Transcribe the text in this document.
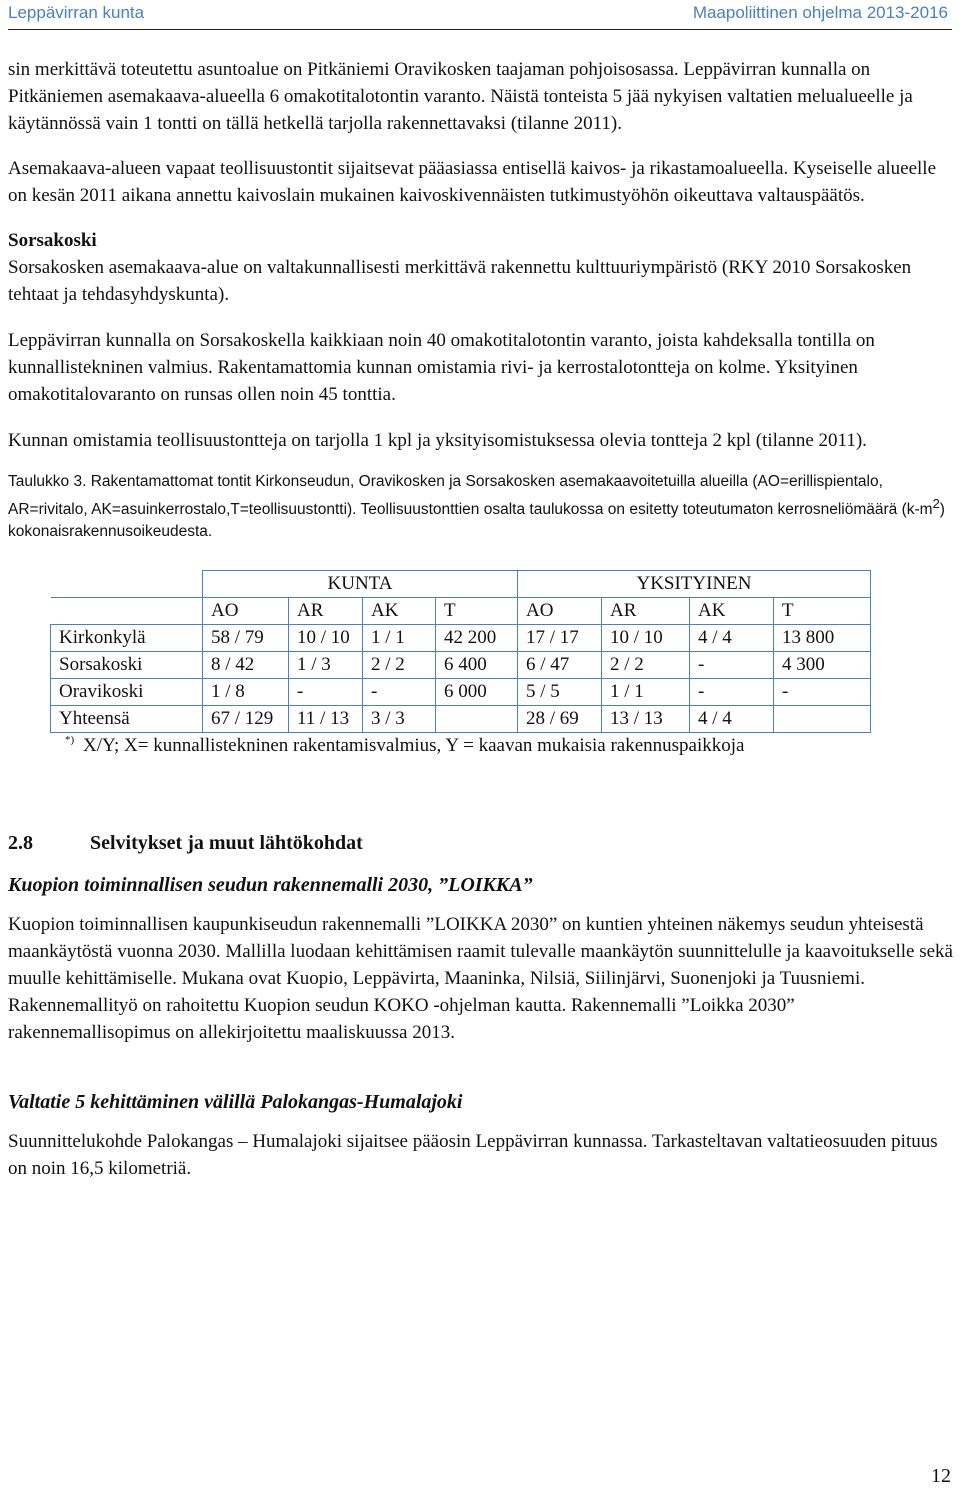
Leppävirran kunta	Maapoliittinen ohjelma 2013-2016

sin merkittävä toteutettu asuntoalue on Pitkäniemi Oravikosken taajaman pohjoisosassa. Leppävirran kunnalla on Pitkäniemen asemakaava-alueella 6 omakotitalotontin varanto. Näistä tonteista 5 jää nykyisen valtatien melualueelle ja käytännössä vain 1 tontti on tällä hetkellä tarjolla rakennettavaksi (tilanne 2011).

Asemakaava-alueen vapaat teollisuustontit sijaitsevat pääasiassa entisellä kaivos- ja rikastamoalueella. Kyseiselle alueelle on kesän 2011 aikana annettu kaivoslain mukainen kaivoskivennäisten tutkimustyöhön oikeuttava valtauspäätös.

Sorsakoski

Sorsakosken asemakaava-alue on valtakunnallisesti merkittävä rakennettu kulttuuriympäristö (RKY 2010 Sorsakosken tehtaat ja tehdasyhdyskunta).

Leppävirran kunnalla on Sorsakoskella kaikkiaan noin 40 omakotitalotontin varanto, joista kahdeksalla tontilla on kunnallistekninen valmius. Rakentamattomia kunnan omistamia rivi- ja kerrostalotontteja on kolme. Yksityinen omakotitalovaranto on runsas ollen noin 45 tonttia.

Kunnan omistamia teollisuustontteja on tarjolla 1 kpl ja yksityisomistuksessa olevia tontteja 2 kpl (tilanne 2011).

Taulukko 3. Rakentamattomat tontit Kirkonseudun, Oravikosken ja Sorsakosken asemakaavoitetuilla alueilla (AO=erillispientalo, AR=rivitalo, AK=asuinkerrostalo,T=teollisuustontti). Teollisuustonttien osalta taulukossa on esitetty toteutumaton kerrosneliömäärä $(k-m^2)$ kokonaisrakennusoikeudesta.
	KUNTA				YKSITYINEN			
	AO	AR	AK	T	AO	AR	AK	T
Kirkonkylä	58 / 79	10 / 10	1 / 1	42 200	17 / 17	10 / 10	4 / 4	13 800
Sorsakoski	8 / 42	1 / 3	2 / 2	6 400	6 / 47	2 / 2	-	4 300
Oravikoski	1 / 8	-	-	6 000	5 / 5	1 / 1	-	-
Yhteensä	67 / 129	11 / 13	3 / 3		28 / 69	13 / 13	4 / 4	
*) X/Y; X= kunnallistekninen rakentamisvalmius, Y = kaavan mukaisia rakennuspaikkoja
2.8	Selvitykset ja muut lähtökohdat
Kuopion toiminnallisen seudun rakennemalli 2030, ”LOIKKA”

Kuopion toiminnallisen kaupunkiseudun rakennemalli ”LOIKKA 2030” on kuntien yhteinen näkemys seudun yhteisestä maankäytöstä vuonna 2030. Mallilla luodaan kehittämisen raamit tulevalle maankäytön suunnittelulle ja kaavoitukselle sekä muulle kehittämiselle. Mukana ovat Kuopio, Leppävirta, Maaninka, Nilsiä, Siilinjärvi, Suonenjoki ja Tuusniemi. Rakennemallityö on rahoitettu Kuopion seudun KOKO -ohjelman kautta. Rakennemalli ”Loikka 2030” rakennemallisopimus on allekirjoitettu maaliskuussa 2013.

Valtatie 5 kehittäminen välillä Palokangas-Humalajoki

Suunnittelukohde Palokangas – Humalajoki sijaitsee pääosin Leppävirran kunnassa. Tarkasteltavan valtatieosuuden pituus on noin 16,5 kilometriä.

12
